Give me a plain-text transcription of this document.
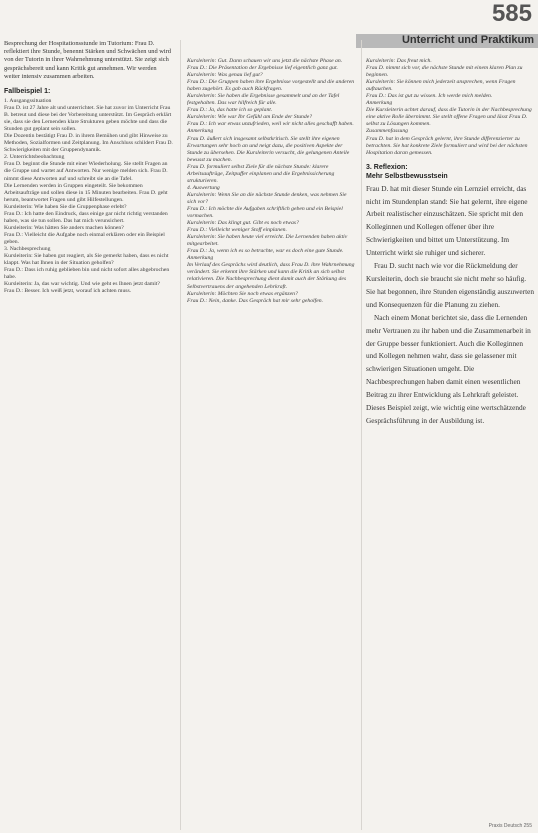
585
Unterricht und Praktikum

Besprechung der Hospitationsstunde im Tutorium: Frau D. reflektiert ihre Stunde, benennt Stärken und Schwächen und wird von der Tutorin in ihrer Wahrnehmung unterstützt. Sie zeigt sich gesprächsbereit und kann Kritik gut annehmen. Wir werden weiter intensiv zusammen arbeiten.

Fallbeispiel 1:

1. Ausgangssituation

Frau D. ist 27 Jahre alt und unterrichtet. Sie hat zuvor im Unterricht Frau B. betreut und diese bei der Vorbereitung unterstützt. Im Gespräch erklärt sie, dass sie den Lernenden klare Strukturen geben möchte und dass die Stunden gut geplant sein sollen.

Die Dozentin bestätigt Frau D. in ihrem Bemühen und gibt Hinweise zu Methoden, Sozialformen und Zeitplanung. Im Anschluss schildert Frau D. Schwierigkeiten mit der Gruppendynamik.

2. Unterrichtsbeobachtung

Frau D. beginnt die Stunde mit einer Wiederholung. Sie stellt Fragen an die Gruppe und wartet auf Antworten. Nur wenige melden sich. Frau D. nimmt diese Antworten auf und schreibt sie an die Tafel.

Die Lernenden werden in Gruppen eingeteilt. Sie bekommen Arbeitsaufträge und sollen diese in 15 Minuten bearbeiten. Frau D. geht herum, beantwortet Fragen und gibt Hilfestellungen.

Kursleiterin: Wie haben Sie die Gruppenphase erlebt?

Frau D.: Ich hatte den Eindruck, dass einige gar nicht richtig verstanden haben, was sie tun sollen. Das hat mich verunsichert.

Kursleiterin: Was hätten Sie anders machen können?

Frau D.: Vielleicht die Aufgabe noch einmal erklären oder ein Beispiel geben.

3. Nachbesprechung

Kursleiterin: Sie haben gut reagiert, als Sie gemerkt haben, dass es nicht klappt. Was hat Ihnen in der Situation geholfen?

Frau D.: Dass ich ruhig geblieben bin und nicht sofort alles abgebrochen habe.

Kursleiterin: Ja, das war wichtig. Und wie geht es Ihnen jetzt damit?

Frau D.: Besser. Ich weiß jetzt, worauf ich achten muss.

Kursleiterin: Gut. Dann schauen wir uns jetzt die nächste Phase an.

Frau D.: Die Präsentation der Ergebnisse lief eigentlich ganz gut.

Kursleiterin: Was genau lief gut?

Frau D.: Die Gruppen haben ihre Ergebnisse vorgestellt und die anderen haben zugehört. Es gab auch Rückfragen.

Kursleiterin: Sie haben die Ergebnisse gesammelt und an der Tafel festgehalten. Das war hilfreich für alle.

Frau D.: Ja, das hatte ich so geplant.

Kursleiterin: Wie war Ihr Gefühl am Ende der Stunde?

Frau D.: Ich war etwas unzufrieden, weil wir nicht alles geschafft haben.

Anmerkung

Frau D. äußert sich insgesamt selbstkritisch. Sie stellt ihre eigenen Erwartungen sehr hoch an und neigt dazu, die positiven Aspekte der Stunde zu übersehen. Die Kursleiterin versucht, die gelungenen Anteile bewusst zu machen.

Frau D. formuliert selbst Ziele für die nächste Stunde: klarere Arbeitsaufträge, Zeitpuffer einplanen und die Ergebnissicherung strukturieren.

4. Auswertung

Kursleiterin: Wenn Sie an die nächste Stunde denken, was nehmen Sie sich vor?

Frau D.: Ich möchte die Aufgaben schriftlich geben und ein Beispiel vormachen.

Kursleiterin: Das klingt gut. Gibt es noch etwas?

Frau D.: Vielleicht weniger Stoff einplanen.

Kursleiterin: Sie haben heute viel erreicht. Die Lernenden haben aktiv mitgearbeitet.

Frau D.: Ja, wenn ich es so betrachte, war es doch eine gute Stunde.

Anmerkung

Im Verlauf des Gesprächs wird deutlich, dass Frau D. ihre Wahrnehmung verändert. Sie erkennt ihre Stärken und kann die Kritik an sich selbst relativieren. Die Nachbesprechung dient damit auch der Stärkung des Selbstvertrauens der angehenden Lehrkraft.

Kursleiterin: Möchten Sie noch etwas ergänzen?

Frau D.: Nein, danke. Das Gespräch hat mir sehr geholfen.

Kursleiterin: Das freut mich.

Frau D. nimmt sich vor, die nächste Stunde mit einem klaren Plan zu beginnen.

Kursleiterin: Sie können mich jederzeit ansprechen, wenn Fragen auftauchen.

Frau D.: Das ist gut zu wissen. Ich werde mich melden.

Anmerkung

Die Kursleiterin achtet darauf, dass die Tutorin in der Nachbesprechung eine aktive Rolle übernimmt. Sie stellt offene Fragen und lässt Frau D. selbst zu Lösungen kommen.

Zusammenfassung

Frau D. hat in dem Gespräch gelernt, ihre Stunde differenzierter zu betrachten. Sie hat konkrete Ziele formuliert und wird bei der nächsten Hospitation daran gemessen.

3. Reflexion:
Mehr Selbstbewusstsein

Frau D. hat mit dieser Stunde ein Lernziel erreicht, das nicht im Stundenplan stand: Sie hat gelernt, ihre eigene Arbeit realistischer einzuschätzen. Sie spricht mit den Kolleginnen und Kollegen offener über ihre Schwierigkeiten und bittet um Unterstützung. Im Unterricht wirkt sie ruhiger und sicherer.

Frau D. sucht nach wie vor die Rückmeldung der Kursleiterin, doch sie braucht sie nicht mehr so häufig. Sie hat begonnen, ihre Stunden eigenständig auszuwerten und Konsequenzen für die Planung zu ziehen.

Nach einem Monat berichtet sie, dass die Lernenden mehr Vertrauen zu ihr haben und die Zusammenarbeit in der Gruppe besser funktioniert. Auch die Kolleginnen und Kollegen nehmen wahr, dass sie gelassener mit schwierigen Situationen umgeht. Die Nachbesprechungen haben damit einen wesentlichen Beitrag zu ihrer Entwicklung als Lehrkraft geleistet. Dieses Beispiel zeigt, wie wichtig eine wertschätzende Gesprächsführung in der Ausbildung ist.

Praxis Deutsch 255
